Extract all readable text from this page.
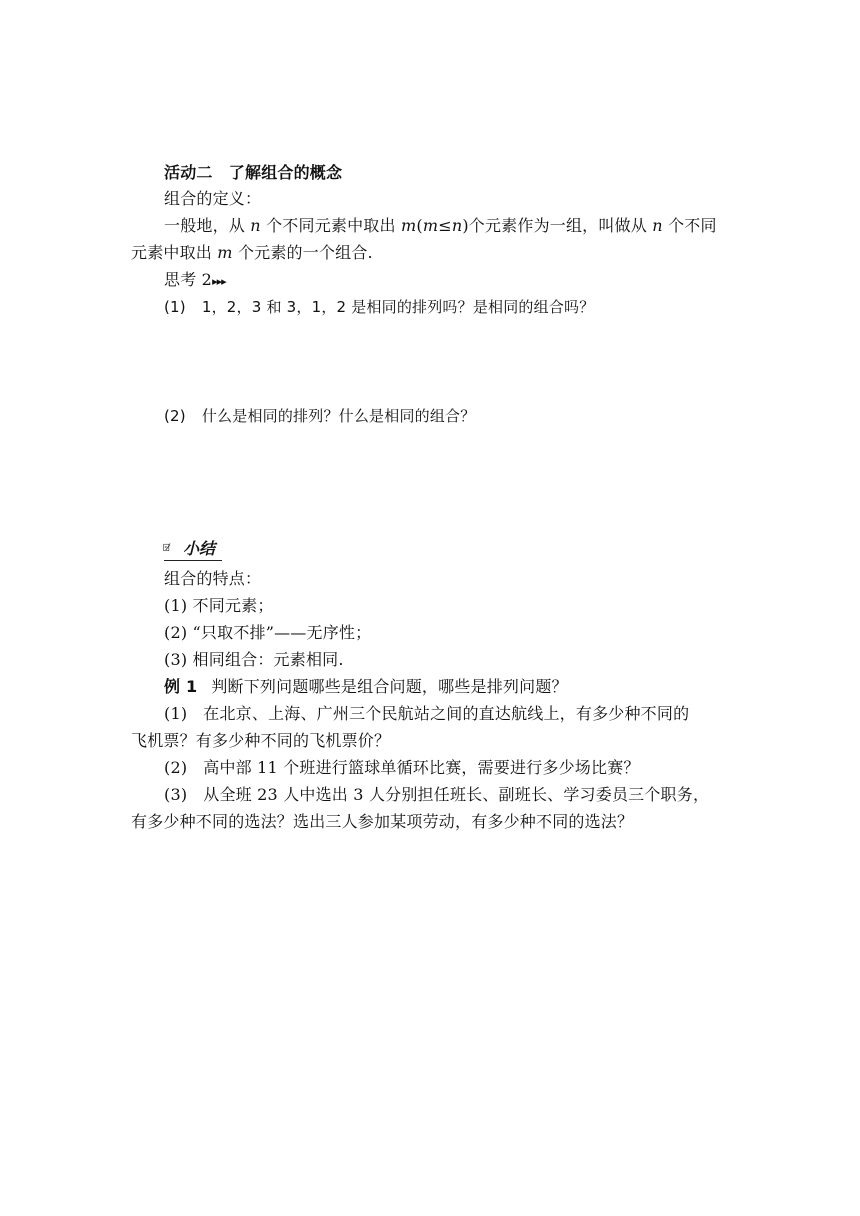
活动二　了解组合的概念
组合的定义：
一般地，从 n 个不同元素中取出 m(m≤n)个元素作为一组，叫做从 n 个不同
元素中取出 m 个元素的一个组合.
思考 2▸▸▸
(1) 1，2，3 和 3，1，2 是相同的排列吗？是相同的组合吗？
(2) 什么是相同的排列？什么是相同的组合？
小结
组合的特点：
(1) 不同元素；
(2) “只取不排”——无序性；
(3) 相同组合：元素相同.
例 1 判断下列问题哪些是组合问题，哪些是排列问题？
(1) 在北京、上海、广州三个民航站之间的直达航线上，有多少种不同的
飞机票？有多少种不同的飞机票价？
(2) 高中部 11 个班进行篮球单循环比赛，需要进行多少场比赛？
(3) 从全班 23 人中选出 3 人分别担任班长、副班长、学习委员三个职务，
有多少种不同的选法？选出三人参加某项劳动，有多少种不同的选法？
